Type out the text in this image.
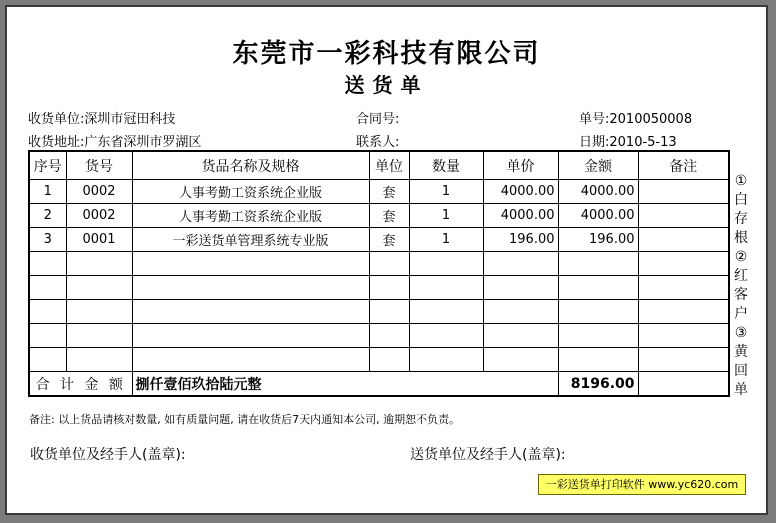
东莞市一彩科技有限公司
送货单
收货单位:深圳市冠田科技
收货地址:广东省深圳市罗湖区
合同号:
联系人:
单号:2010050008
日期:2010-5-13
序号	货号	货品名称及规格	单位	数量	单价	金额	备注
1	0002	人事考勤工资系统企业版	套	1	4000.00	4000.00	
2	0002	人事考勤工资系统企业版	套	1	4000.00	4000.00	
3	0001	一彩送货单管理系统专业版	套	1	196.00	196.00	

合 计 金 额		捌仟壹佰玖拾陆元整				8196.00	
①
白
存
根
②
红
客
户
③
黄
回
单
备注: 以上货品请核对数量, 如有质量问题, 请在收货后7天内通知本公司, 逾期恕不负责。
收货单位及经手人(盖章):	送货单位及经手人(盖章):
一彩送货单打印软件 www.yc620.com
